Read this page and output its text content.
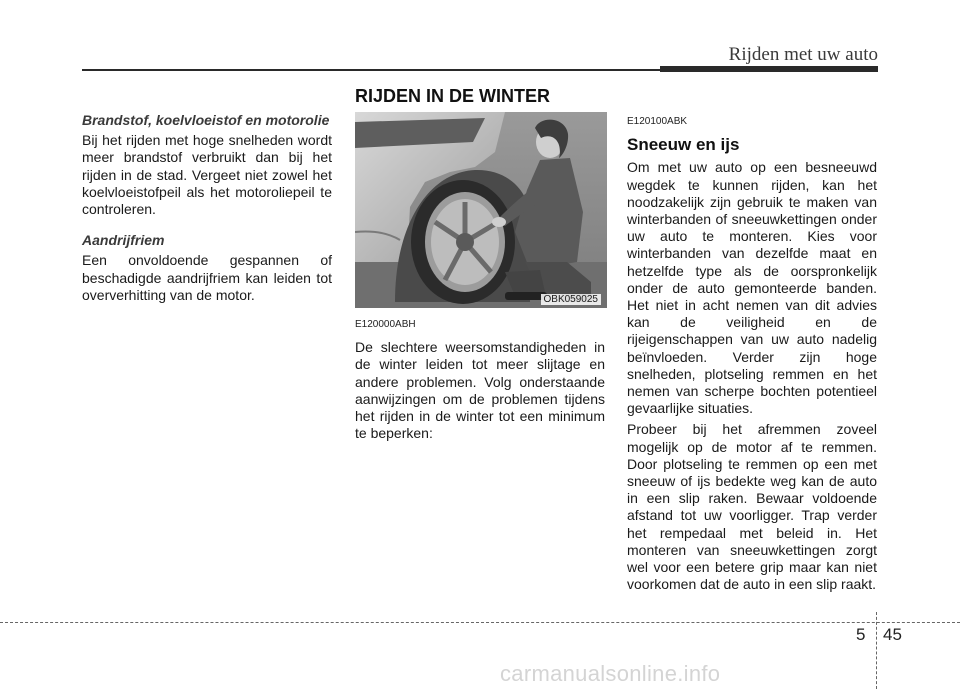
Rijden met uw auto
RIJDEN IN DE WINTER
Brandstof, koelvloeistof en motorolie

Bij het rijden met hoge snelheden wordt meer brandstof verbruikt dan bij het rijden in de stad. Vergeet niet zowel het koelvloeistofpeil als het motoroliepeil te controleren.

Aandrijfriem

Een onvoldoende gespannen of beschadigde aandrijfriem kan leiden tot oververhitting van de motor.	OBK059025
E120000ABH

De slechtere weersomstandigheden in de winter leiden tot meer slijtage en andere problemen. Volg onderstaande aanwijzingen om de problemen tijdens het rijden in de winter tot een minimum te beperken:

E120100ABK
Sneeuw en ijs

Om met uw auto op een besneeuwd wegdek te kunnen rijden, kan het noodzakelijk zijn gebruik te maken van winterbanden of sneeuwkettingen onder uw auto te monteren. Kies voor winterbanden van dezelfde maat en hetzelfde type als de oorspronkelijk onder de auto gemonteerde banden. Het niet in acht nemen van dit advies kan de veiligheid en de rijeigenschappen van uw auto nadelig beïnvloeden. Verder zijn hoge snelheden, plotseling remmen en het nemen van scherpe bochten potentieel gevaarlijke situaties.

Probeer bij het afremmen zoveel mogelijk op de motor af te remmen. Door plotseling te remmen op een met sneeuw of ijs bedekte weg kan de auto in een slip raken. Bewaar voldoende afstand tot uw voorligger. Trap verder het rempedaal met beleid in. Het monteren van sneeuwkettingen zorgt wel voor een betere grip maar kan niet voorkomen dat de auto in een slip raakt.

5 45
carmanualsonline.info
